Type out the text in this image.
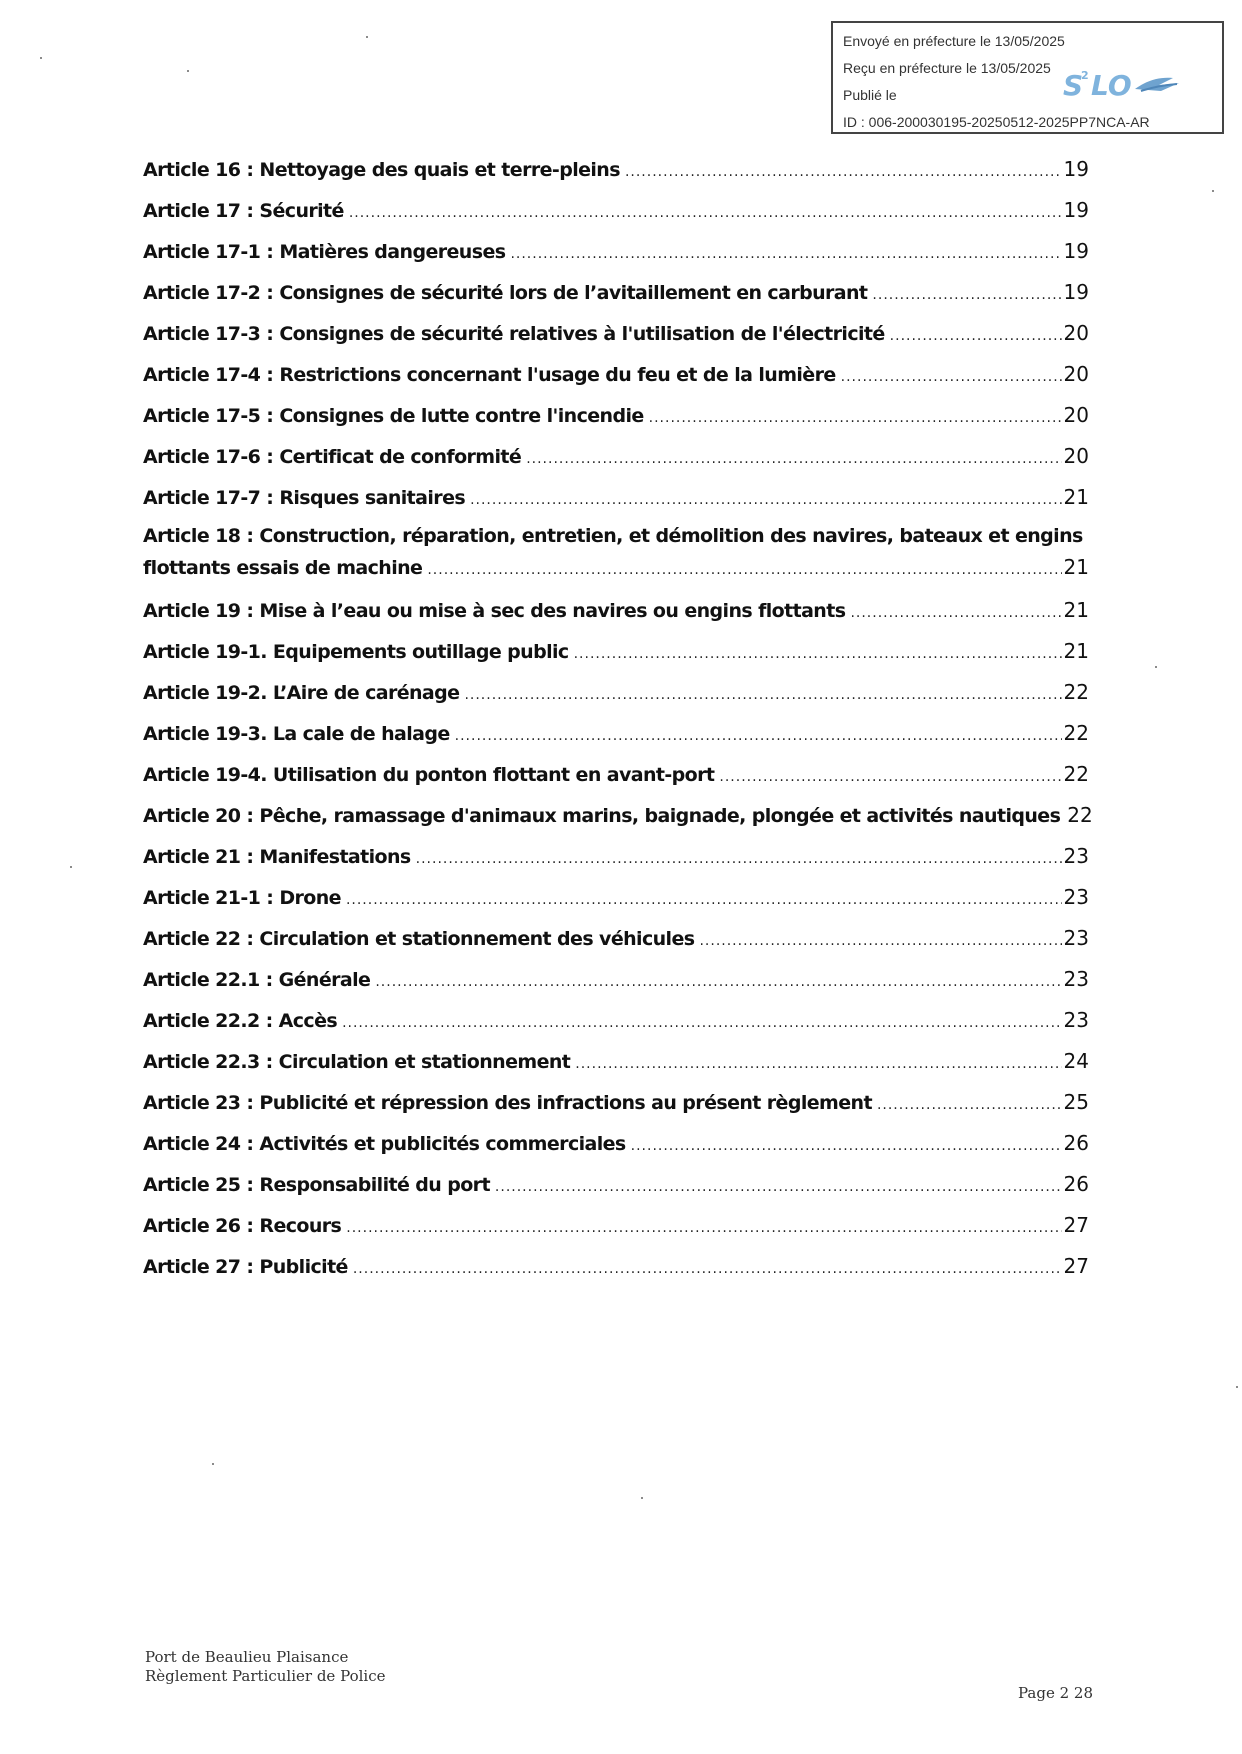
Envoyé en préfecture le 13/05/2025
Reçu en préfecture le 13/05/2025
Publié le
ID : 006-200030195-20250512-2025PP7NCA-AR
S
2 LO
Article 16 : Nettoyage des quais et terre-pleins .....	19
Article 17 : Sécurité .....	19
Article 17-1 : Matières dangereuses .....	19
Article 17-2 : Consignes de sécurité lors de l’avitaillement en carburant .....	19
Article 17-3 : Consignes de sécurité relatives à l'utilisation de l'électricité .....	20
Article 17-4 : Restrictions concernant l'usage du feu et de la lumière .....	20
Article 17-5 : Consignes de lutte contre l'incendie .....	20
Article 17-6 : Certificat de conformité .....	20
Article 17-7 : Risques sanitaires .....	21
Article 18 : Construction, réparation, entretien, et démolition des navires, bateaux et engins
flottants essais de machine .....	21
Article 19 : Mise à l’eau ou mise à sec des navires ou engins flottants .....	21
Article 19-1. Equipements outillage public .....	21
Article 19-2. L’Aire de carénage .....	22
Article 19-3. La cale de halage .....	22
Article 19-4. Utilisation du ponton flottant en avant-port .....	22
Article 20 : Pêche, ramassage d'animaux marins, baignade, plongée et activités nautiques 22
Article 21 : Manifestations .....	23
Article 21-1 : Drone .....	23
Article 22 : Circulation et stationnement des véhicules .....	23
Article 22.1 : Générale .....	23
Article 22.2 : Accès .....	23
Article 22.3 : Circulation et stationnement .....	24
Article 23 : Publicité et répression des infractions au présent règlement .....	25
Article 24 : Activités et publicités commerciales .....	26
Article 25 : Responsabilité du port .....	26
Article 26 : Recours .....	27
Article 27 : Publicité .....	27
Port de Beaulieu Plaisance
Règlement Particulier de Police
Page 2 28
